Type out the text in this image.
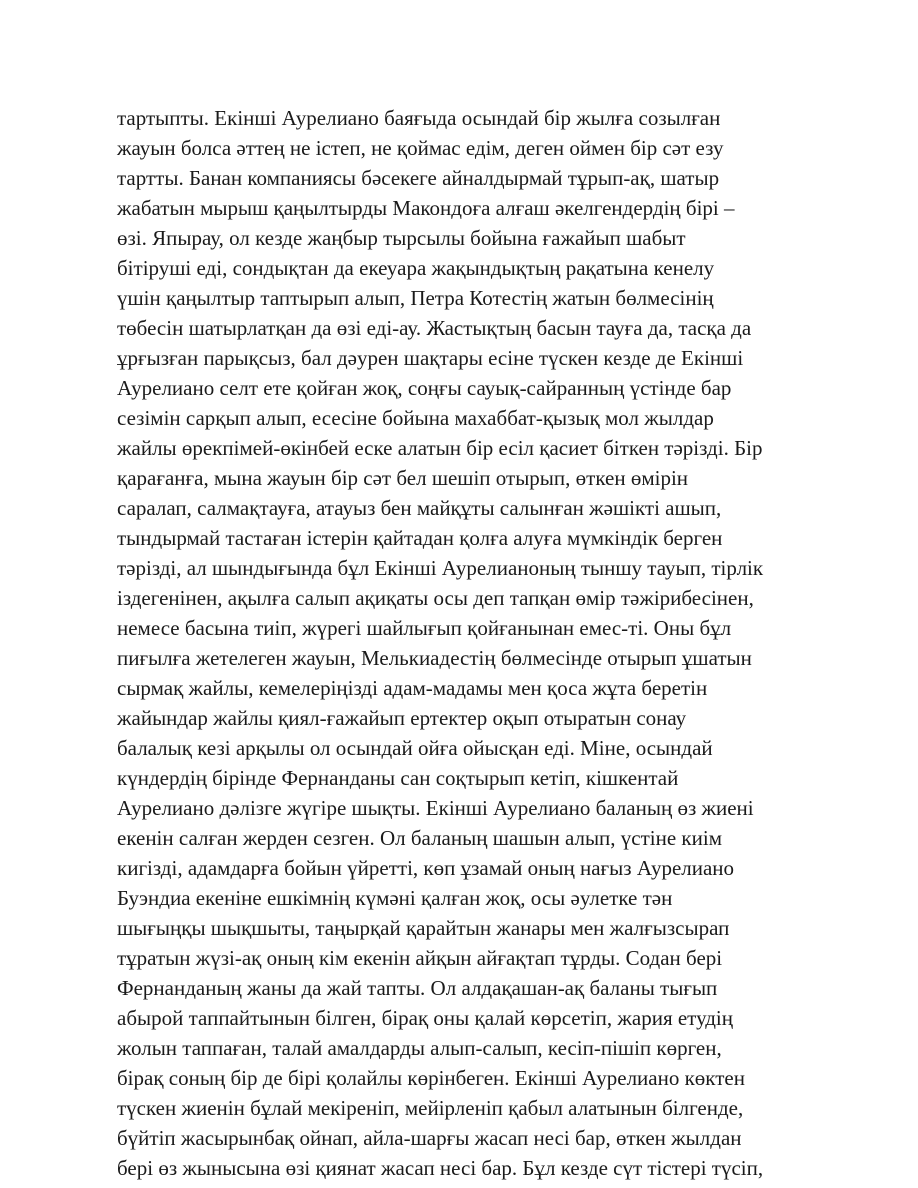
тартыпты. Екінші Аурелиано баяғыда осындай бір жылға созылған
жауын болса әттең не істеп, не қоймас едім, деген оймен бір сәт езу
тартты. Банан компаниясы бәсекеге айналдырмай тұрып-ақ, шатыр
жабатын мырыш қаңылтырды Макондоға алғаш әкелгендердің бірі –
өзі. Япырау, ол кезде жаңбыр тырсылы бойына ғажайып шабыт
бітіруші еді, сондықтан да екеуара жақындықтың рақатына кенелу
үшін қаңылтыр таптырып алып, Петра Котестің жатын бөлмесінің
төбесін шатырлатқан да өзі еді-ау. Жастықтың басын тауға да, тасқа да
ұрғызған парықсыз, бал дәурен шақтары есіне түскен кезде де Екінші
Аурелиано селт ете қойған жоқ, соңғы сауық-сайранның үстінде бар
сезімін сарқып алып, есесіне бойына махаббат-қызық мол жылдар
жайлы өрекпімей-өкінбей еске алатын бір есіл қасиет біткен тәрізді. Бір
қарағанға, мына жауын бір сәт бел шешіп отырып, өткен өмірін
саралап, салмақтауға, атауыз бен майқұты салынған жәшікті ашып,
тындырмай тастаған істерін қайтадан қолға алуға мүмкіндік берген
тәрізді, ал шындығында бұл Екінші Аурелианоның тыншу тауып, тірлік
іздегенінен, ақылға салып ақиқаты осы деп тапқан өмір тәжірибесінен,
немесе басына тиіп, жүрегі шайлығып қойғанынан емес-ті. Оны бұл
пиғылға жетелеген жауын, Мелькиадестің бөлмесінде отырып ұшатын
сырмақ жайлы, кемелеріңізді адам-мадамы мен қоса жұта беретін
жайындар жайлы қиял-ғажайып ертектер оқып отыратын сонау
балалық кезі арқылы ол осындай ойға ойысқан еді. Міне, осындай
күндердің бірінде Фернанданы сан соқтырып кетіп, кішкентай
Аурелиано дәлізге жүгіре шықты. Екінші Аурелиано баланың өз жиені
екенін салған жерден сезген. Ол баланың шашын алып, үстіне киім
кигізді, адамдарға бойын үйретті, көп ұзамай оның нағыз Аурелиано
Буэндиа екеніне ешкімнің күмәні қалған жоқ, осы әулетке тән
шығыңқы шықшыты, таңырқай қарайтын жанары мен жалғызсырап
тұратын жүзі-ақ оның кім екенін айқын айғақтап тұрды. Содан бері
Фернанданың жаны да жай тапты. Ол алдақашан-ақ баланы тығып
абырой таппайтынын білген, бірақ оны қалай көрсетіп, жария етудің
жолын таппаған, талай амалдарды алып-салып, кесіп-пішіп көрген,
бірақ соның бір де бірі қолайлы көрінбеген. Екінші Аурелиано көктен
түскен жиенін бұлай мекіреніп, мейірленіп қабыл алатынын білгенде,
бүйтіп жасырынбақ ойнап, айла-шарғы жасап несі бар, өткен жылдан
бері өз жынысына өзі қиянат жасап несі бар. Бұл кезде сүт тістері түсіп,
